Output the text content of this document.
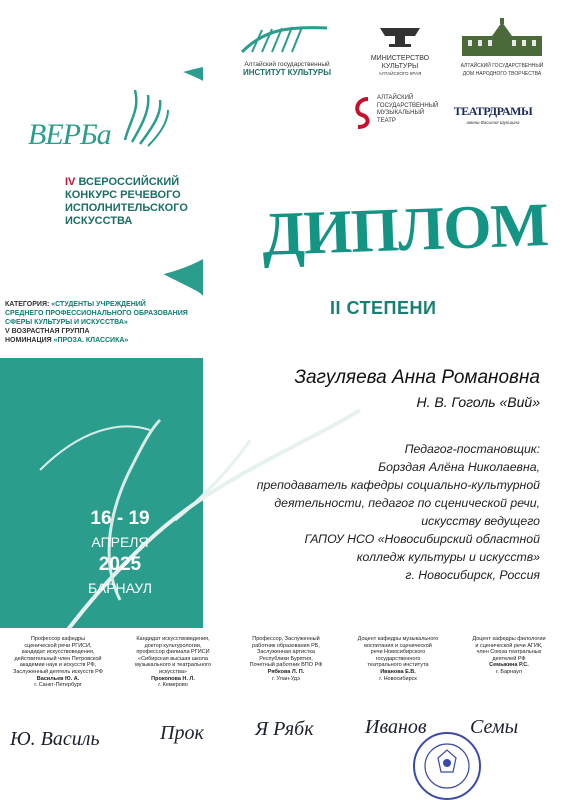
Алтайский государственный
ИНСТИТУТ КУЛЬТУРЫ
МИНИСТЕРСТВО
КУЛЬТУРЫ
АЛТАЙСКОГО КРАЯ
АЛТАЙСКИЙ ГОСУДАРСТВЕННЫЙ
ДОМ НАРОДНОГО ТВОРЧЕСТВА
АЛТАЙСКИЙ
ГОСУДАРСТВЕННЫЙ
МУЗЫКАЛЬНЫЙ
ТЕАТР
ТЕАТРДРАМЫ
имени Василия Шукшина
ВЕРБа
IV ВСЕРОССИЙСКИЙ
КОНКУРС РЕЧЕВОГО
ИСПОЛНИТЕЛЬСКОГО
ИСКУССТВА
КАТЕГОРИЯ: «СТУДЕНТЫ УЧРЕЖДЕНИЙ
СРЕДНЕГО ПРОФЕССИОНАЛЬНОГО ОБРАЗОВАНИЯ
СФЕРЫ КУЛЬТУРЫ И ИСКУССТВА»
V ВОЗРАСТНАЯ ГРУППА
НОМИНАЦИЯ «ПРОЗА. КЛАССИКА»
16 - 19
АПРЕЛЯ
2025
БАРНАУЛ
ДИПЛОМ
II СТЕПЕНИ
Загуляева Анна Романовна
Н. В. Гоголь «Вий»
Педагог-постановщик:
Борздая Алёна Николаевна,
преподаватель кафедры социально-культурной
деятельности, педагог по сценической речи,
искусству ведущего
ГАПОУ НСО «Новосибирский областной
колледж культуры и искусств»
г. Новосибирск, Россия
Профессор кафедры
сценической речи РГИСИ,
кандидат искусствоведения,
действительный член Петровской
академии наук и искусств РФ,
Заслуженный деятель искусств РФ
Васильев Ю. А.
г. Санкт-Петербург
Кандидат искусствоведения,
доктор культурологии,
профессор филиала РГИСИ
«Сибирская высшая школа
музыкального и театрального
искусства»
Прокопова Н. Л.
г. Кемерово
Профессор, Заслуженный
работник образования РБ,
Заслуженная артистка
Республики Бурятия,
Почетный работник ВПО РФ
Рябкова Л. П.
г. Улан-Удэ
Доцент кафедры музыкального
воспитания и сценической
речи Новосибирского
государственного
театрального института
Иванова Е.В.
г. Новосибирск
Доцент кафедры филологии
и сценической речи АГИК,
член Союза театральных
деятелей РФ
Семыкина Р.С.
г. Барнаул
Ю. Василь	Прок	Я Рябк	Иванов	Семы
